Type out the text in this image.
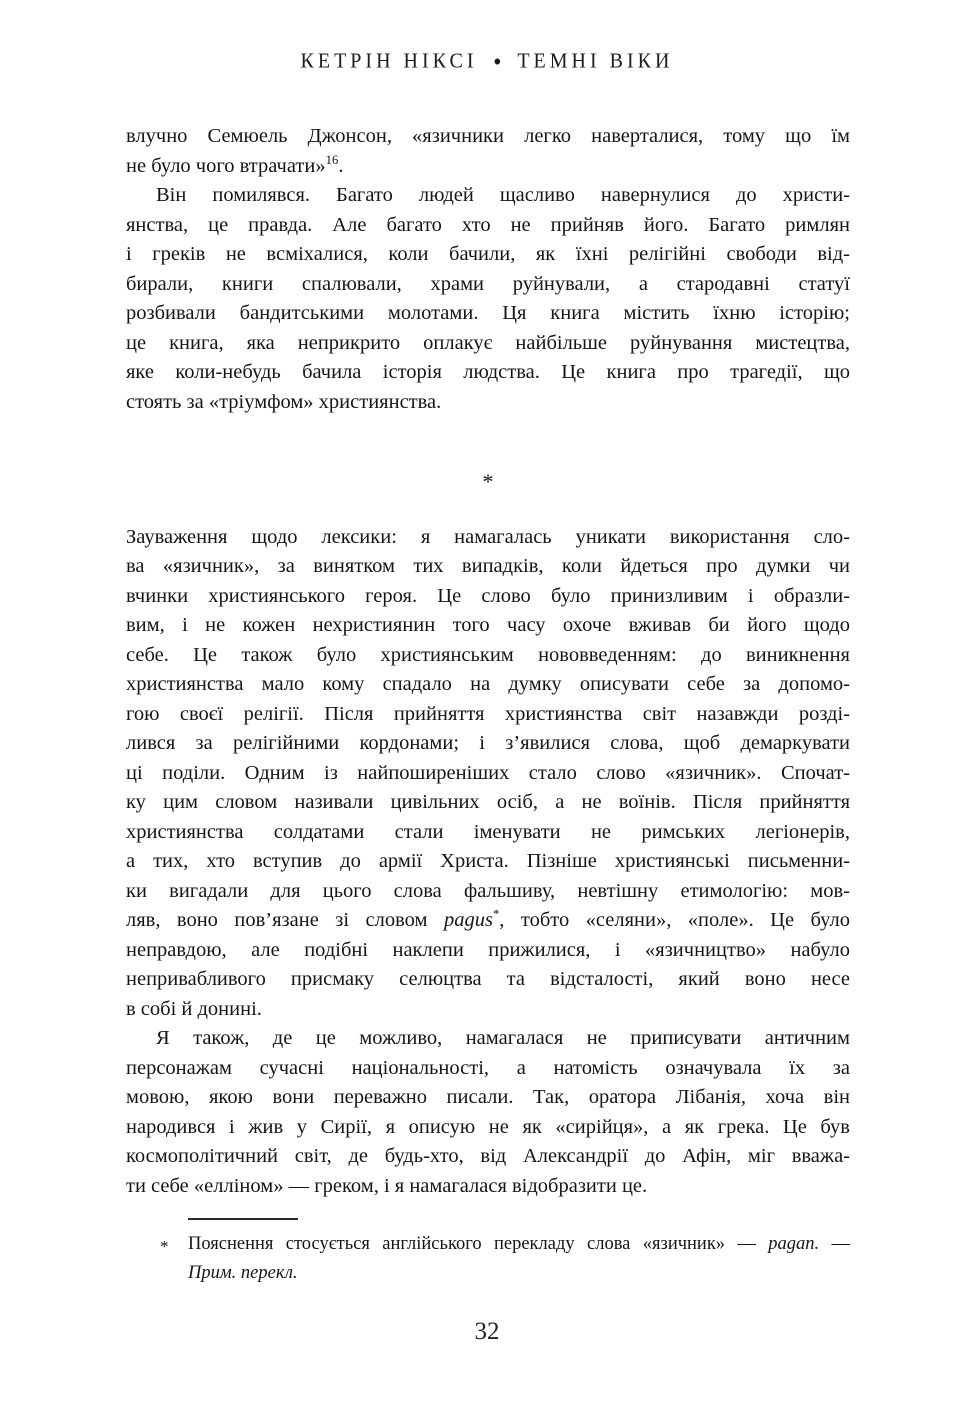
КЕТРІН НІКСІ ● ТЕМНІ ВІКИ
влучно Семюель Джонсон, «язичники легко наверталися, тому що їм
не було чого втрачати»$^{16}$.
Він помилявся. Багато людей щасливо навернулися до христи-
янства, це правда. Але багато хто не прийняв його. Багато римлян
і греків не всміхалися, коли бачили, як їхні релігійні свободи від-
бирали, книги спалювали, храми руйнували, а стародавні статуї
розбивали бандитськими молотами. Ця книга містить їхню історію;
це книга, яка неприкрито оплакує найбільше руйнування мистецтва,
яке коли-небудь бачила історія людства. Це книга про трагедії, що
стоять за «тріумфом» християнства.
*
Зауваження щодо лексики: я намагалась уникати використання сло-
ва «язичник», за винятком тих випадків, коли йдеться про думки чи
вчинки християнського героя. Це слово було принизливим і образли-
вим, і не кожен нехристиянин того часу охоче вживав би його щодо
себе. Це також було християнським нововведенням: до виникнення
християнства мало кому спадало на думку описувати себе за допомо-
гою своєї релігії. Після прийняття християнства світ назавжди розді-
лився за релігійними кордонами; і з’явилися слова, щоб демаркувати
ці поділи. Одним із найпоширеніших стало слово «язичник». Спочат-
ку цим словом називали цивільних осіб, а не воїнів. Після прийняття
християнства солдатами стали іменувати не римських легіонерів,
а тих, хто вступив до армії Христа. Пізніше християнські письменни-
ки вигадали для цього слова фальшиву, невтішну етимологію: мов-
ляв, воно пов’язане зі словом pagus*, тобто «селяни», «поле». Це було
неправдою, але подібні наклепи прижилися, і «язичництво» набуло
непривабливого присмаку селюцтва та відсталості, який воно несе
в собі й донині.
Я також, де це можливо, намагалася не приписувати античним
персонажам сучасні національності, а натомість означувала їх за
мовою, якою вони переважно писали. Так, оратора Лібанія, хоча він
народився і жив у Сирії, я описую не як «сирійця», а як грека. Це був
космополітичний світ, де будь-хто, від Александрії до Афін, міг вважа-
ти себе «елліном» — греком, і я намагалася відобразити це.
* Пояснення стосується англійського перекладу слова «язичник» — pagan. —
Прим. перекл.
32
